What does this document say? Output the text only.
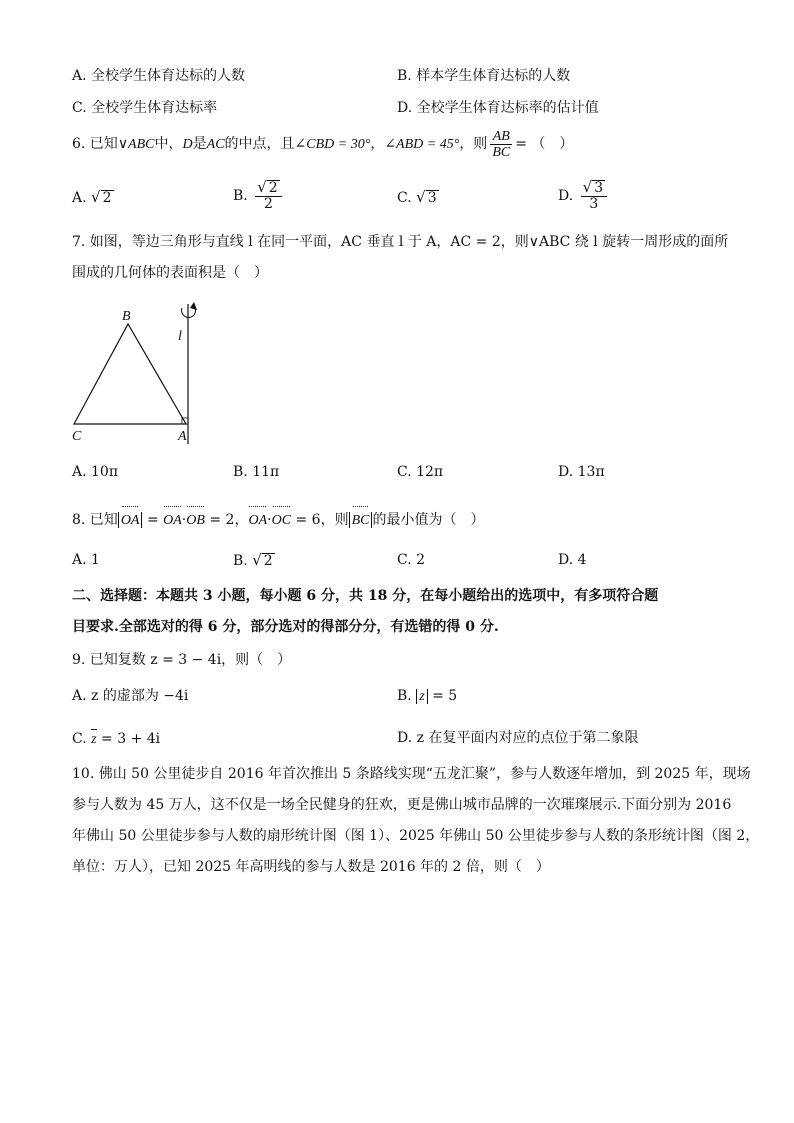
A. 全校学生体育达标的人数	B. 样本学生体育达标的人数
C. 全校学生体育达标率	D. 全校学生体育达标率的估计值
6. 已知∨ABC中，D是AC的中点，且∠CBD = 30°，∠ABD = 45°，则 $\frac{AB}{BC}$ = （　）
A. √ 2	B. $\frac{√ 2}{2}$	C. √ 3	D. $\frac{√ 3}{3}$
7. 如图，等边三角形与直线 l 在同一平面，AC 垂直 l 于 A，AC = 2，则∨ABC 绕 l 旋转一周形成的面所
围成的几何体的表面积是（　）
B
l
C	A
A. 10π	B. 11π	C. 12π	D. 13π
8. 已知 OA = OA·OB = 2，OA·OC = 6，则 BC 的最小值为（　）
A. 1	B. √ 2	C. 2	D. 4
二、选择题：本题共 3 小题，每小题 6 分，共 18 分，在每小题给出的选项中，有多项符合题
目要求.全部选对的得 6 分，部分选对的得部分分，有选错的得 0 分.
9. 已知复数 z = 3 − 4i，则（　）
A. z 的虚部为 −4i	B. z = 5
C. z = 3 + 4i	D. z 在复平面内对应的点位于第二象限
10. 佛山 50 公里徒步自 2016 年首次推出 5 条路线实现“五龙汇聚”，参与人数逐年增加，到 2025 年，现场
参与人数为 45 万人，这不仅是一场全民健身的狂欢，更是佛山城市品牌的一次璀璨展示.下面分别为 2016
年佛山 50 公里徒步参与人数的扇形统计图（图 1）、2025 年佛山 50 公里徒步参与人数的条形统计图（图 2，
单位：万人），已知 2025 年高明线的参与人数是 2016 年的 2 倍，则（　）
